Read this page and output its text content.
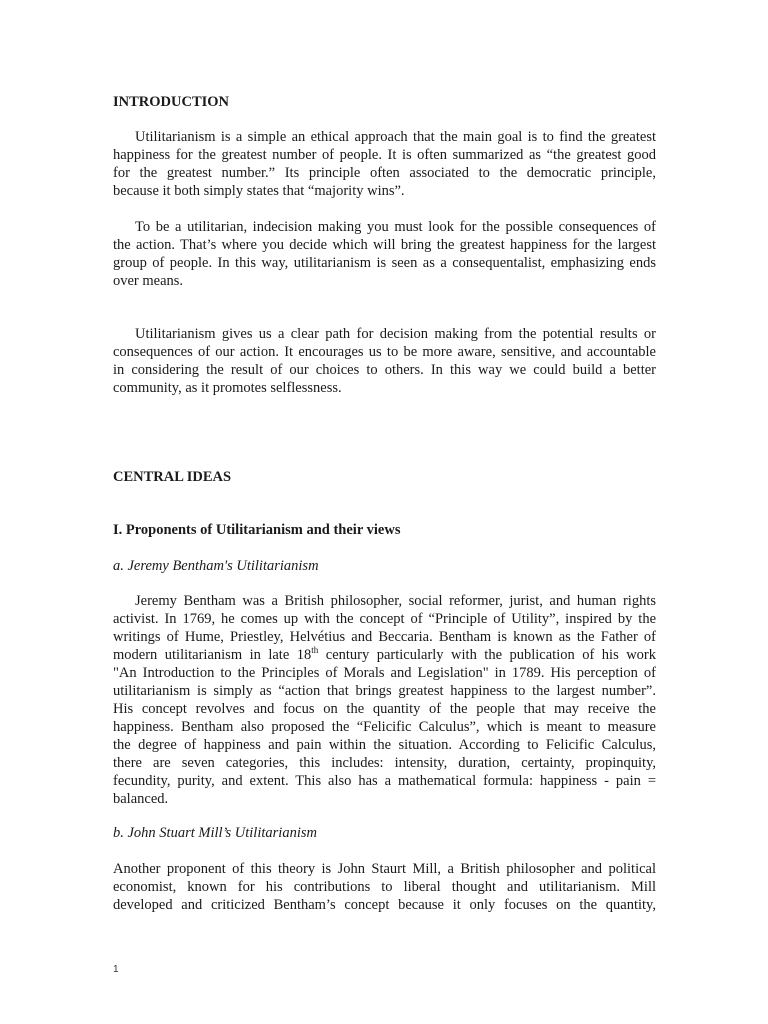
INTRODUCTION
Utilitarianism is a simple an ethical approach that the main goal is to find the greatest
happiness for the greatest number of people. It is often summarized as “the greatest good
for the greatest number.” Its principle often associated to the democratic principle,
because it both simply states that “majority wins”.
To be a utilitarian, indecision making you must look for the possible consequences of
the action. That’s where you decide which will bring the greatest happiness for the largest
group of people. In this way, utilitarianism is seen as a consequentalist, emphasizing ends
over means.
Utilitarianism gives us a clear path for decision making from the potential results or
consequences of our action. It encourages us to be more aware, sensitive, and accountable
in considering the result of our choices to others. In this way we could build a better
community, as it promotes selflessness.
CENTRAL IDEAS
I. Proponents of Utilitarianism and their views
a. Jeremy Bentham's Utilitarianism
Jeremy Bentham was a British philosopher, social reformer, jurist, and human rights
activist. In 1769, he comes up with the concept of “Principle of Utility”, inspired by the
writings of Hume, Priestley, Helvétius and Beccaria. Bentham is known as the Father of
modern utilitarianism in late 18th century particularly with the publication of his work
"An Introduction to the Principles of Morals and Legislation" in 1789. His perception of
utilitarianism is simply as “action that brings greatest happiness to the largest number”.
His concept revolves and focus on the quantity of the people that may receive the
happiness. Bentham also proposed the “Felicific Calculus”, which is meant to measure
the degree of happiness and pain within the situation. According to Felicific Calculus,
there are seven categories, this includes: intensity, duration, certainty, propinquity,
fecundity, purity, and extent. This also has a mathematical formula: happiness - pain =
balanced.
b. John Stuart Mill’s Utilitarianism
Another proponent of this theory is John Staurt Mill, a British philosopher and political
economist, known for his contributions to liberal thought and utilitarianism. Mill
developed and criticized Bentham’s concept because it only focuses on the quantity,
1
